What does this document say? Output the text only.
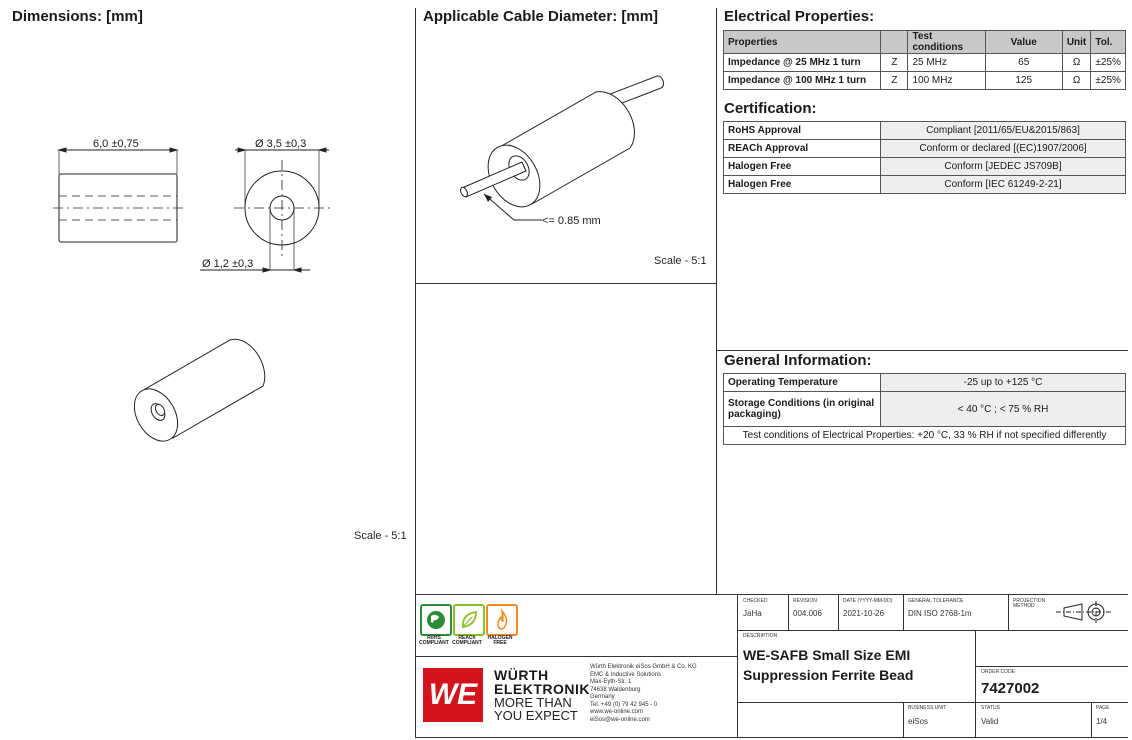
Dimensions: [mm]
6,0 ±0,75	Ø 3,5 ±0,3
Ø 1,2 ±0,3
Scale - 5:1
Applicable Cable Diameter: [mm]
<= 0.85 mm
Scale - 5:1
Electrical Properties:
Properties		Test conditions	Value	Unit	Tol.
Impedance @ 25 MHz 1 turn	Z	25 MHz	65	Ω	±25%
Impedance @ 100 MHz 1 turn	Z	100 MHz	125	Ω	±25%
Certification:
RoHS Approval	Compliant [2011/65/EU&2015/863]
REACh Approval	Conform or declared [(EC)1907/2006]
Halogen Free	Conform [JEDEC JS709B]
Halogen Free	Conform [IEC 61249-2-21]
General Information:
Operating Temperature	-25 up to +125 °C
Storage Conditions (in original packaging)	< 40 °C ; < 75 % RH
Test conditions of Electrical Properties: +20 °C, 33 % RH if not specified differently	
RoHS COMPLIANT
REACh COMPLIANT
HALOGEN FREE
WE
WÜRTH
ELEKTRONIK
MORE THAN
YOU EXPECT
Würth Elektronik eiSos GmbH & Co. KG
EMC & Inductive Solutions
Max-Eyth-Str. 1
74638 Waldenburg
Germany
Tel. +49 (0) 79 42 945 - 0
www.we-online.com
eiSos@we-online.com
CHECKED
JaHa
REVISION
004.006
DATE (YYYY-MM-DD)
2021-10-26
GENERAL TOLERANCE
DIN ISO 2768-1m
PROJECTION METHOD
DESCRIPTION
WE-SAFB Small Size EMI
Suppression Ferrite Bead	ORDER CODE
7427002
BUSINESS UNIT
eiSos
STATUS
Valid
PAGE
1/4
